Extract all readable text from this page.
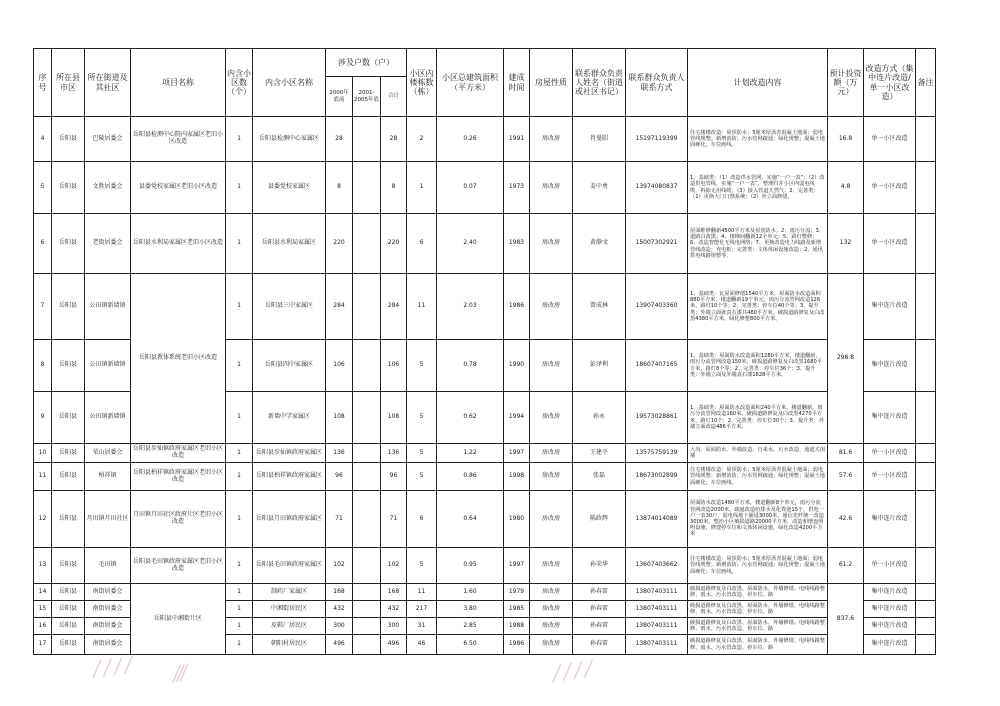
序号	所在县市区	所在街道及其社区	项目名称	内含小区数（个）	内含小区名称	涉及户数（户）			小区内楼栋数（栋）	小区总建筑面积（平方米）	建成时间	房屋性质	联系群众负责人姓名（街道或社区书记）	联系群众负责人联系方式	计划改造内容	预计投资额（万元）	改造方式（集中连片改造/单一小区改造）	备注
						2000年底前	2001-2005年底	合计										
4	岳阳县	巴陵居委会	岳阳县检测中心院内家属区老旧小区改造	1	岳阳县检测中心家属区	28		28	2	0.26	1991	房改房	肖曼昭	15197119399	住宅楼楼改造：屋顶防水；5厘米厚沥青混凝土地面；弱电管线规整；新增消防；污水管网疏通；绿化规整；混凝土地面硬化；车位画线。	16.8	单一小区改造	
5	岳阳县	文胜居委会	县委党校家属区老旧小区改造	1	县委党校家属区	8		8	1	0.07	1973	房改房	姜中勇	13974080837	1、基础类：（1）改造供水管网，实施“一户一表”；（2）改造供电管线，实施“一户一表”，整理归并小区内弱电线缆，拆除无用线缆；（3）接入管道天然气；2、完善类：（1）更换大门门禁系统；（2）外立面修缮。	4.8	单一小区改造	
6	岳阳县	老街居委会	岳阳县水利局家属区老旧小区改造	1	岳阳县水利局家属区	220		220	6	2.40	1983	房改房	黄静文	15007302921	屋面维修翻新4500平方米及屋顶防水；2、雨污分流；3、道路白改黑；4、楼梯间翻新12个单元；5、路灯整修；6、改造智能化无线电网络；7、更换改造电力线路及新增管线改造；充电桩；完善类：文体休闲设施改造；2、通讯供电线路规整等。	132	单一小区改造	
7	岳阳县	公田镇新墙镇	岳阳县教体系统老旧小区改造	1	岳阳县三中家属区	284		284	11	2.03	1986	房改房	曾成林	13907403360	1、基础类：瓦屋面修缮1540平方米，屋面防水改造面积880平方米，楼道翻新19个单元，雨污分流管网改造126米，路灯10个等；2、完善类：停车位40个等；3、提升类：外墙立面就真石漆共480平方米，破损道路修复及白改黑4380平方米，绿化修整800平方米。	298.8	集中连片改造	
8	岳阳县	公田镇新墙镇		1	岳阳县四中家属区	106		106	5	0.78	1990	房改房	彭泽利	18607407165	1、基础类：屋面防水改造面积1280平方米，楼道翻新，雨污分流管网改造150米，破损道路修复及白改黑1680平方米，路灯8个等；2、完善类：停车位36个；3、提升类：外墙立面及外墙真石漆1628平方米。		集中连片改造	
9	岳阳县	公田镇新墙镇		1	新墙中学家属区	108		108	5	0.62	1994	房改房	孙永	19573028861	1、基础类：屋面防水改造面积240平方米，楼道翻新，雨污分流管网改造160米，破损道路修复及白改黑4270平方米，路灯10个；2、完善类：停车位30个；3、提升类：外墙立面改造486平方米。		集中连片改造	
10	岳阳县	荣山居委会	岳阳县步仙镇政府家属区老旧小区改造	1	岳阳县步仙镇政府家属区	136		136	5	1.22	1997	房改房	王建平	13575759139	大沟、屋面防水、外墙改造、自来水、污水改造、通道式围墙	81.6	单一小区改造	
11	岳阳县	柏祥镇	岳阳县柏祥镇政府家属区老旧小区改造	1	岳阳县柏祥镇政府家属区	96		96	5	0.86	1998	房改房	张磊	18673002899	住宅楼楼改造：屋顶防水；5厘米厚沥青混凝土地面；弱电管线规整；新增消防；污水管网疏通；绿化规整；混凝土地面硬化；车位画线。	57.6	单一小区改造	
12	岳阳县	月田镇月田社区	月田镇月田社区政府片区老旧小区改造	1	岳阳县月田镇政府家属区	71		71	6	0.64	1980	房改房	陈政辉	13874014089	屋面防水改造1480平方米，楼道翻新8个单元，雨污分流管网改造2000米，疏通改造给排水及化粪池15个，供电一户一表30户，弱电线地下铺设3000米，通信光纤统一改造3000米，整治小区破损道路20000平方米，改造和增设照明设施，修建停车位和文体休闲设施，绿化改造4200平方米	42.6	集中连片改造	
13	岳阳县	毛田镇	岳阳县毛田镇政府家属区老旧小区改造	1	岳阳县毛田镇政府家属区	102		102	5	0.95	1997	房改房	孙荣华	13607403662	住宅楼楼改造：屋顶防水；5厘米厚沥青混凝土地面；弱电管线规整；新增消防；污水管网疏通；绿化规整；混凝土地面硬化；车位画线。	61.2	单一小区改造	
14	岳阳县	南街居委会	岳阳县中湘街片区	1	制药厂家属区	168		168	11	1.60	1979	房改房	孙春雷	13807403111	破损道路修复及白改黑、屋面防水、外墙修缮、电线线路整修、雨水、污水管改造、停车位、路	837.6	集中连片改造	
15	岳阳县	南街居委会		1	中湘街居民区	432		432	217	3.80	1985	房改房	孙春雷	13807403111	破损道路修复及白改黑、屋面防水、外墙修缮、电线线路整修、雨水、污水管改造、停车位、路		集中连片改造	
16	岳阳县	南街居委会		1	皮鞋厂居民区	300		300	31	2.85	1988	房改房	孙春雷	13807403111	破损道路修复及白改黑、屋面防水、外墙修缮、电线线路整修、雨水、污水管改造、停车位、路		集中连片改造	
17	岳阳县	南街居委会		1	朝阳村居民区	496		496	46	6.50	1986	房改房	孙春雷	13807403111	破损道路修复及白改黑、屋面防水、外墙修缮、电线线路整修、雨水、污水管改造、停车位、路		集中连片改造	
⁄ ⁄ ⁄ ⁄ ⁄⁄⁄	⁄ ⁄ ⁄ ⁄
